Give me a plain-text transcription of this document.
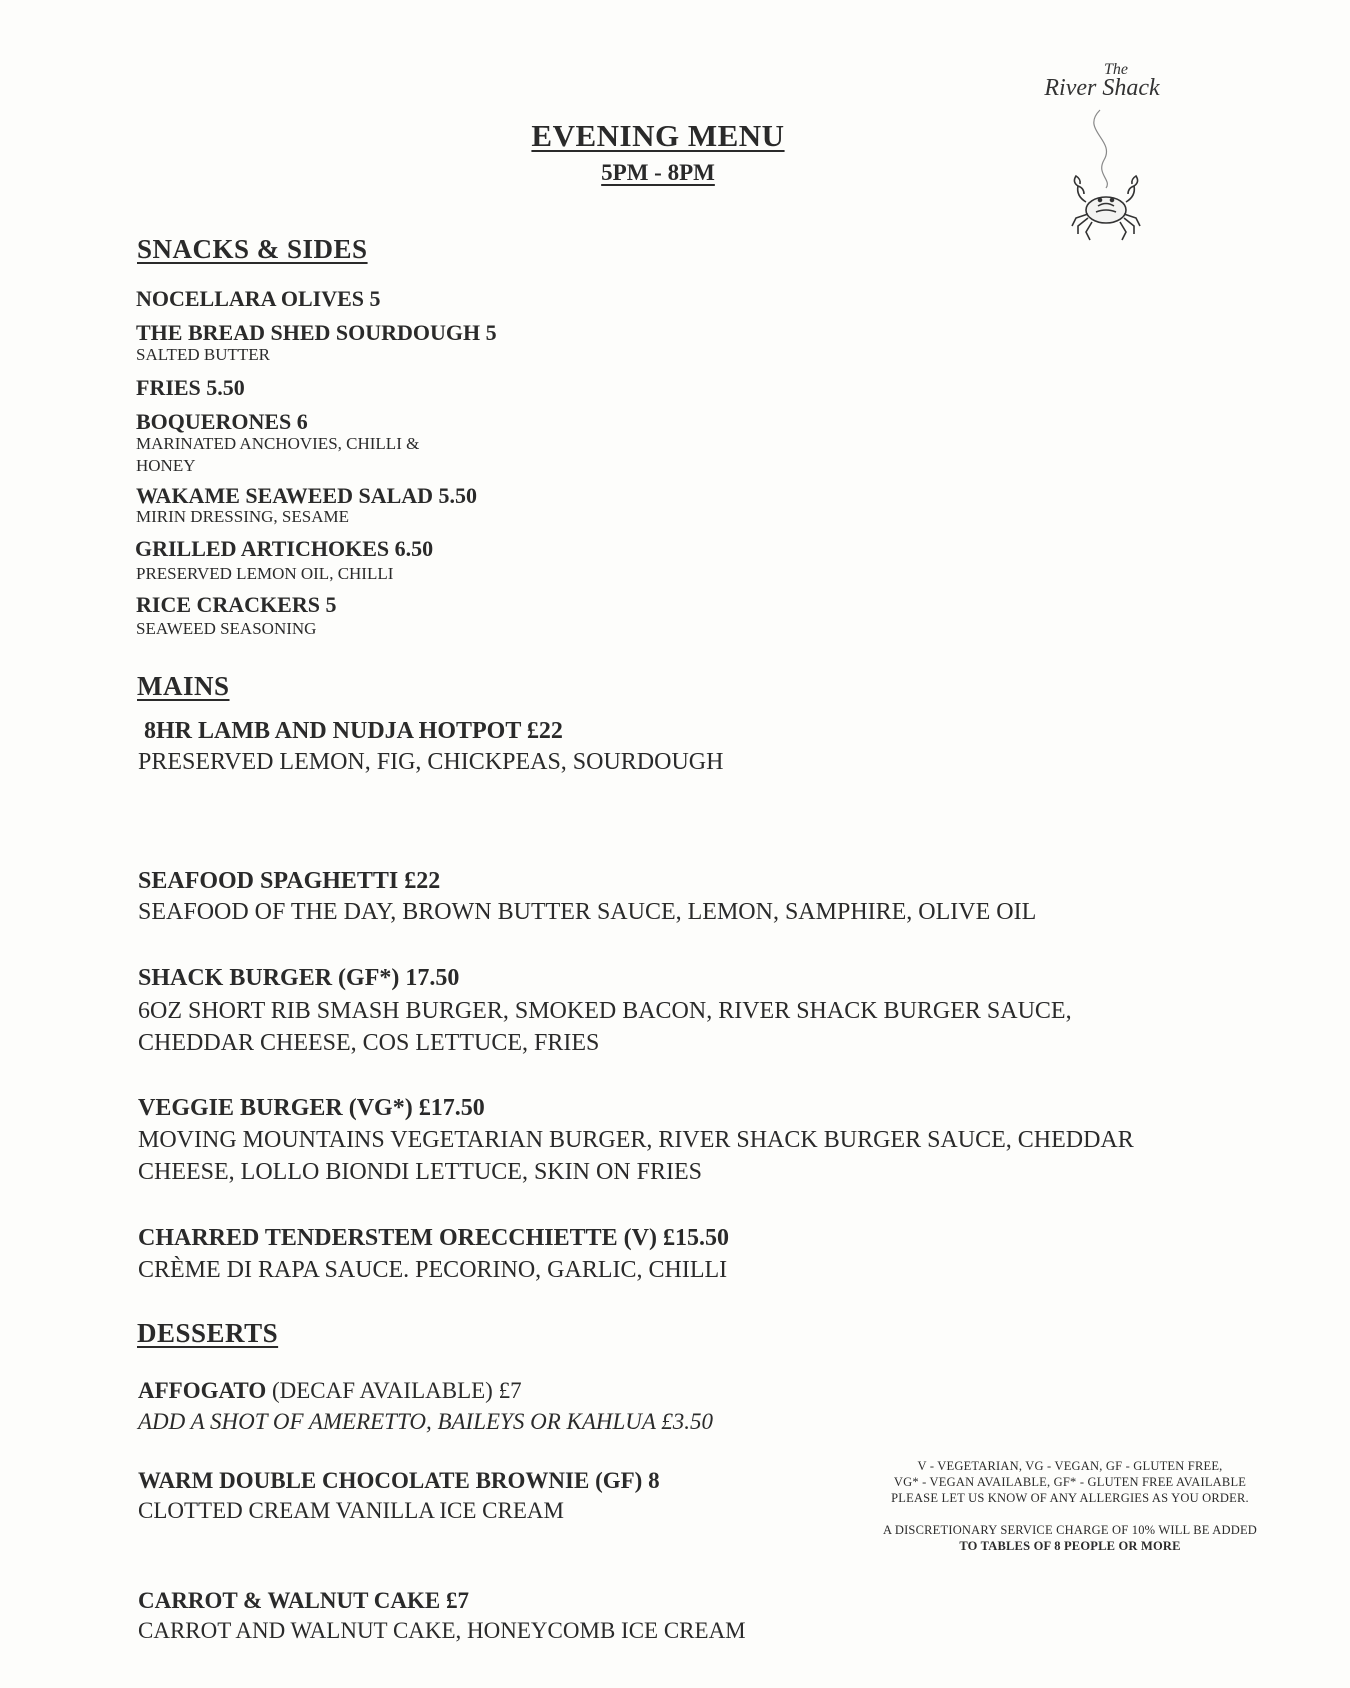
EVENING MENU
5PM - 8PM
The
River Shack
SNACKS & SIDES
NOCELLARA OLIVES 5
THE BREAD SHED SOURDOUGH 5
SALTED BUTTER
FRIES 5.50
BOQUERONES 6
MARINATED ANCHOVIES, CHILLI & HONEY
WAKAME SEAWEED SALAD 5.50
MIRIN DRESSING, SESAME
GRILLED ARTICHOKES 6.50
PRESERVED LEMON OIL, CHILLI
RICE CRACKERS 5
SEAWEED SEASONING
MAINS
8HR LAMB AND NUDJA HOTPOT £22
PRESERVED LEMON, FIG, CHICKPEAS, SOURDOUGH
SEAFOOD SPAGHETTI £22
SEAFOOD OF THE DAY, BROWN BUTTER SAUCE, LEMON, SAMPHIRE, OLIVE OIL
SHACK BURGER (GF*) 17.50
6OZ SHORT RIB SMASH BURGER, SMOKED BACON, RIVER SHACK BURGER SAUCE,
CHEDDAR CHEESE, COS LETTUCE, FRIES
VEGGIE BURGER (VG*) £17.50
MOVING MOUNTAINS VEGETARIAN BURGER, RIVER SHACK BURGER SAUCE, CHEDDAR
CHEESE, LOLLO BIONDI LETTUCE, SKIN ON FRIES
CHARRED TENDERSTEM ORECCHIETTE (V) £15.50
CRÈME DI RAPA SAUCE. PECORINO, GARLIC, CHILLI
DESSERTS
AFFOGATO (DECAF AVAILABLE) £7
ADD A SHOT OF AMERETTO, BAILEYS OR KAHLUA £3.50
WARM DOUBLE CHOCOLATE BROWNIE (GF) 8
CLOTTED CREAM VANILLA ICE CREAM
CARROT & WALNUT CAKE £7
CARROT AND WALNUT CAKE, HONEYCOMB ICE CREAM
V - VEGETARIAN, VG - VEGAN, GF - GLUTEN FREE,
VG* - VEGAN AVAILABLE, GF* - GLUTEN FREE AVAILABLE
PLEASE LET US KNOW OF ANY ALLERGIES AS YOU ORDER.
A DISCRETIONARY SERVICE CHARGE OF 10% WILL BE ADDED
TO TABLES OF 8 PEOPLE OR MORE
